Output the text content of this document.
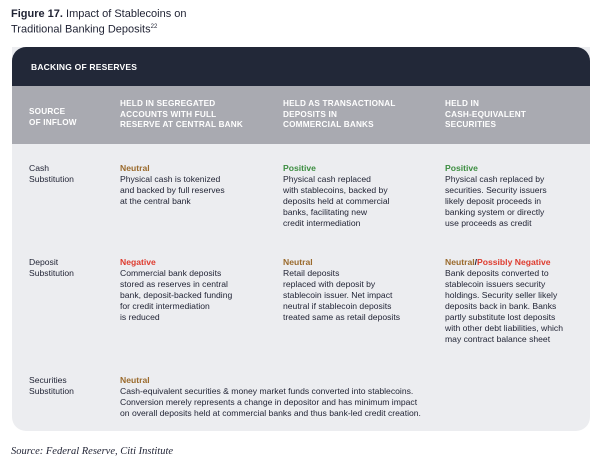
Figure 17. Impact of Stablecoins on Traditional Banking Deposits$^{22}$
BACKING OF RESERVES
SOURCE
OF INFLOW
HELD IN SEGREGATED
ACCOUNTS WITH FULL
RESERVE AT CENTRAL BANK
HELD AS TRANSACTIONAL
DEPOSITS IN
COMMERCIAL BANKS
HELD IN
CASH-EQUIVALENT
SECURITIES
Cash
Substitution
Neutral
Physical cash is tokenized
and backed by full reserves
at the central bank
Positive
Physical cash replaced
with stablecoins, backed by
deposits held at commercial
banks, facilitating new
credit intermediation
Positive
Physical cash replaced by
securities. Security issuers
likely deposit proceeds in
banking system or directly
use proceeds as credit
Deposit
Substitution
Negative
Commercial bank deposits
stored as reserves in central
bank, deposit-backed funding
for credit intermediation
is reduced
Neutral
Retail deposits
replaced with deposit by
stablecoin issuer. Net impact
neutral if stablecoin deposits
treated same as retail deposits
Neutral/Possibly Negative
Bank deposits converted to
stablecoin issuers security
holdings. Security seller likely
deposits back in bank. Banks
partly substitute lost deposits
with other debt liabilities, which
may contract balance sheet
Securities
Substitution
Neutral
Cash-equivalent securities & money market funds converted into stablecoins.
Conversion merely represents a change in depositor and has minimum impact
on overall deposits held at commercial banks and thus bank-led credit creation.
Source: Federal Reserve, Citi Institute
